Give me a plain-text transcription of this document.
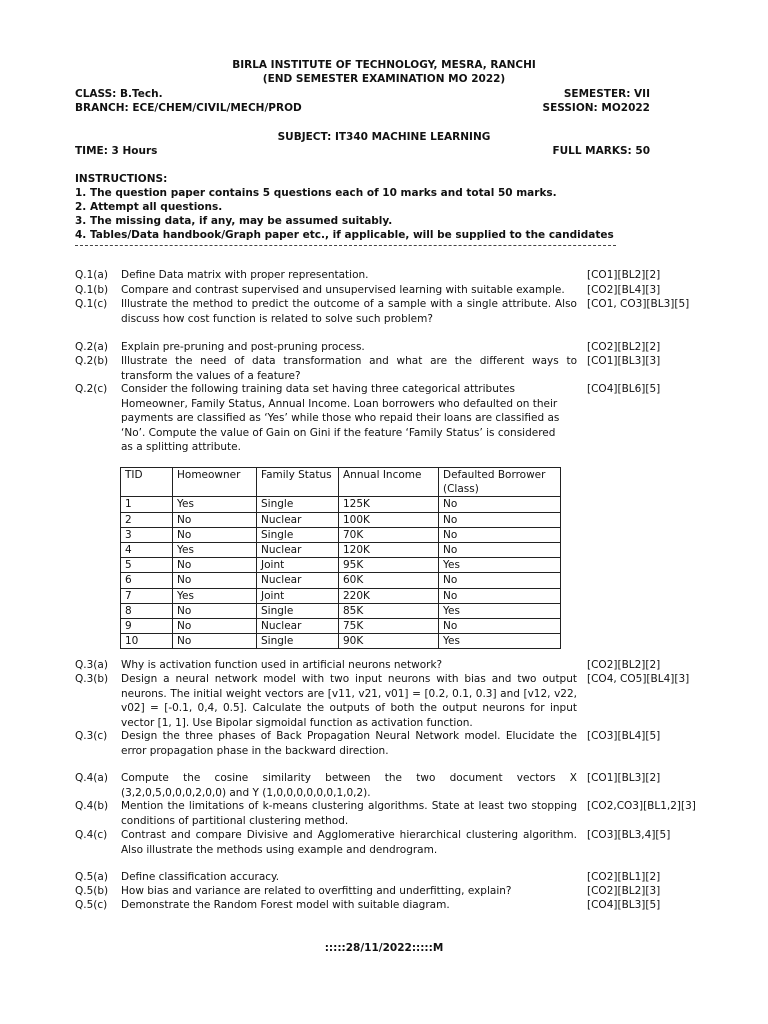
BIRLA INSTITUTE OF TECHNOLOGY, MESRA, RANCHI
(END SEMESTER EXAMINATION MO 2022)
CLASS: B.Tech.	SEMESTER: VII
BRANCH: ECE/CHEM/CIVIL/MECH/PROD	SESSION: MO2022
SUBJECT: IT340 MACHINE LEARNING
TIME: 3 Hours	FULL MARKS: 50
INSTRUCTIONS:
1. The question paper contains 5 questions each of 10 marks and total 50 marks.
2. Attempt all questions.
3. The missing data, if any, may be assumed suitably.
4. Tables/Data handbook/Graph paper etc., if applicable, will be supplied to the candidates
Q.1(a)	Define Data matrix with proper representation.	[CO1][BL2][2]
Q.1(b)	Compare and contrast supervised and unsupervised learning with suitable example.	[CO2][BL4][3]
Q.1(c)	Illustrate the method to predict the outcome of a sample with a single attribute. Also discuss how cost function is related to solve such problem?
[CO1, CO3][BL3][5]
Q.2(a)	Explain pre-pruning and post-pruning process.	[CO2][BL2][2]
Q.2(b)	Illustrate the need of data transformation and what are the different ways to transform the values of a feature?
[CO1][BL3][3]
Q.2(c)	Consider the following training data set having three categorical attributes Homeowner, Family Status, Annual Income. Loan borrowers who defaulted on their payments are classified as ‘Yes’ while those who repaid their loans are classified as ‘No’. Compute the value of Gain on Gini if the feature ‘Family Status’ is considered as a splitting attribute.
[CO4][BL6][5]
TID	Homeowner	Family Status	Annual Income	Defaulted Borrower (Class)
1	Yes	Single	125K	No
2	No	Nuclear	100K	No
3	No	Single	70K	No
4	Yes	Nuclear	120K	No
5	No	Joint	95K	Yes
6	No	Nuclear	60K	No
7	Yes	Joint	220K	No
8	No	Single	85K	Yes
9	No	Nuclear	75K	No
10	No	Single	90K	Yes
Q.3(a)	Why is activation function used in artificial neurons network?	[CO2][BL2][2]
Q.3(b)	Design a neural network model with two input neurons with bias and two output neurons. The initial weight vectors are [v11, v21, v01] = [0.2, 0.1, 0.3] and [v12, v22, v02] = [-0.1, 0,4, 0.5]. Calculate the outputs of both the output neurons for input vector [1, 1]. Use Bipolar sigmoidal function as activation function.
[CO4, CO5][BL4][3]
Q.3(c)	Design the three phases of Back Propagation Neural Network model. Elucidate the error propagation phase in the backward direction.
[CO3][BL4][5]
Q.4(a)	Compute the cosine similarity between the two document vectors X (3,2,0,5,0,0,0,2,0,0) and Y (1,0,0,0,0,0,0,1,0,2).
[CO1][BL3][2]
Q.4(b)	Mention the limitations of k-means clustering algorithms. State at least two stopping conditions of partitional clustering method.
[CO2,CO3][BL1,2][3]
Q.4(c)	Contrast and compare Divisive and Agglomerative hierarchical clustering algorithm. Also illustrate the methods using example and dendrogram.
[CO3][BL3,4][5]
Q.5(a)	Define classification accuracy.	[CO2][BL1][2]
Q.5(b)	How bias and variance are related to overfitting and underfitting, explain?	[CO2][BL2][3]
Q.5(c)	Demonstrate the Random Forest model with suitable diagram.	[CO4][BL3][5]
:::::28/11/2022:::::M
